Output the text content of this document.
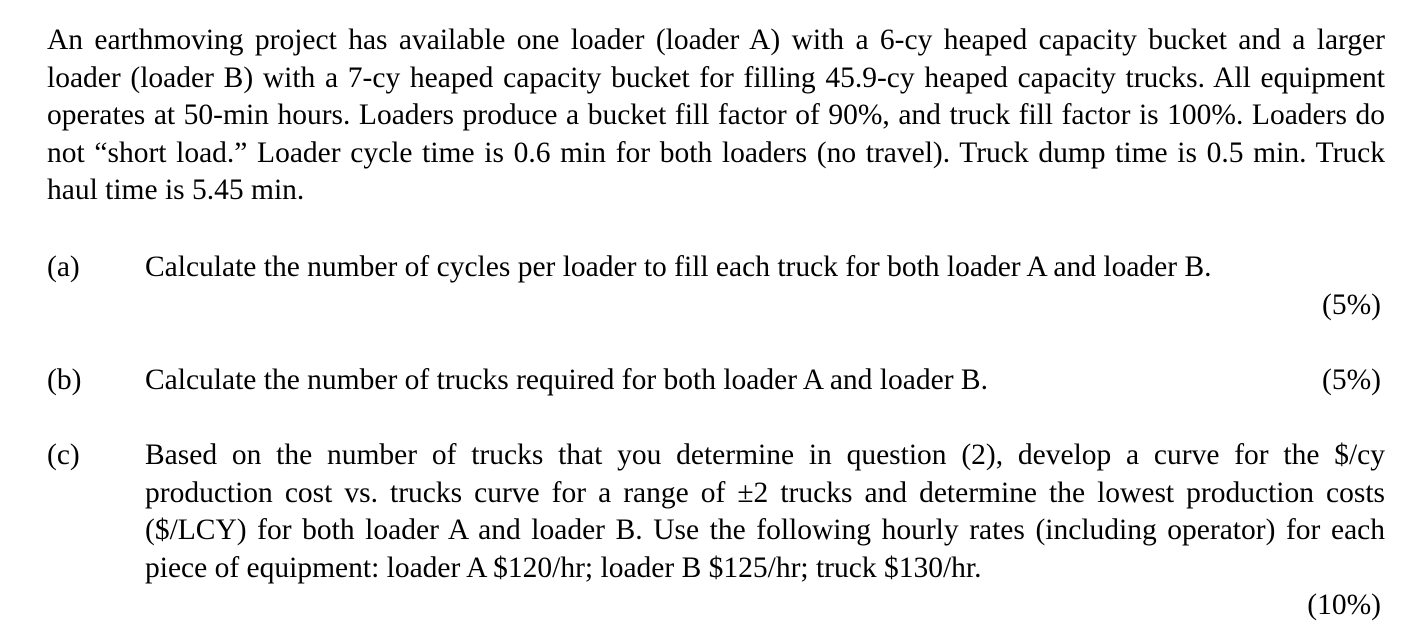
An earthmoving project has available one loader (loader A) with a 6-cy heaped capacity bucket and a larger loader (loader B) with a 7-cy heaped capacity bucket for filling 45.9-cy heaped capacity trucks. All equipment operates at 50-min hours. Loaders produce a bucket fill factor of 90%, and truck fill factor is 100%. Loaders do not “short load.” Loader cycle time is 0.6 min for both loaders (no travel). Truck dump time is 0.5 min. Truck haul time is 5.45 min.

(a) Calculate the number of cycles per loader to fill each truck for both loader A and loader B.
(5%)
(b) Calculate the number of trucks required for both loader A and loader B.	(5%)
(c) Based on the number of trucks that you determine in question (2), develop a curve for the $/cy production cost vs. trucks curve for a range of ±2 trucks and determine the lowest production costs ($/LCY) for both loader A and loader B. Use the following hourly rates (including operator) for each piece of equipment: loader A $120/hr; loader B $125/hr; truck $130/hr.
(10%)
